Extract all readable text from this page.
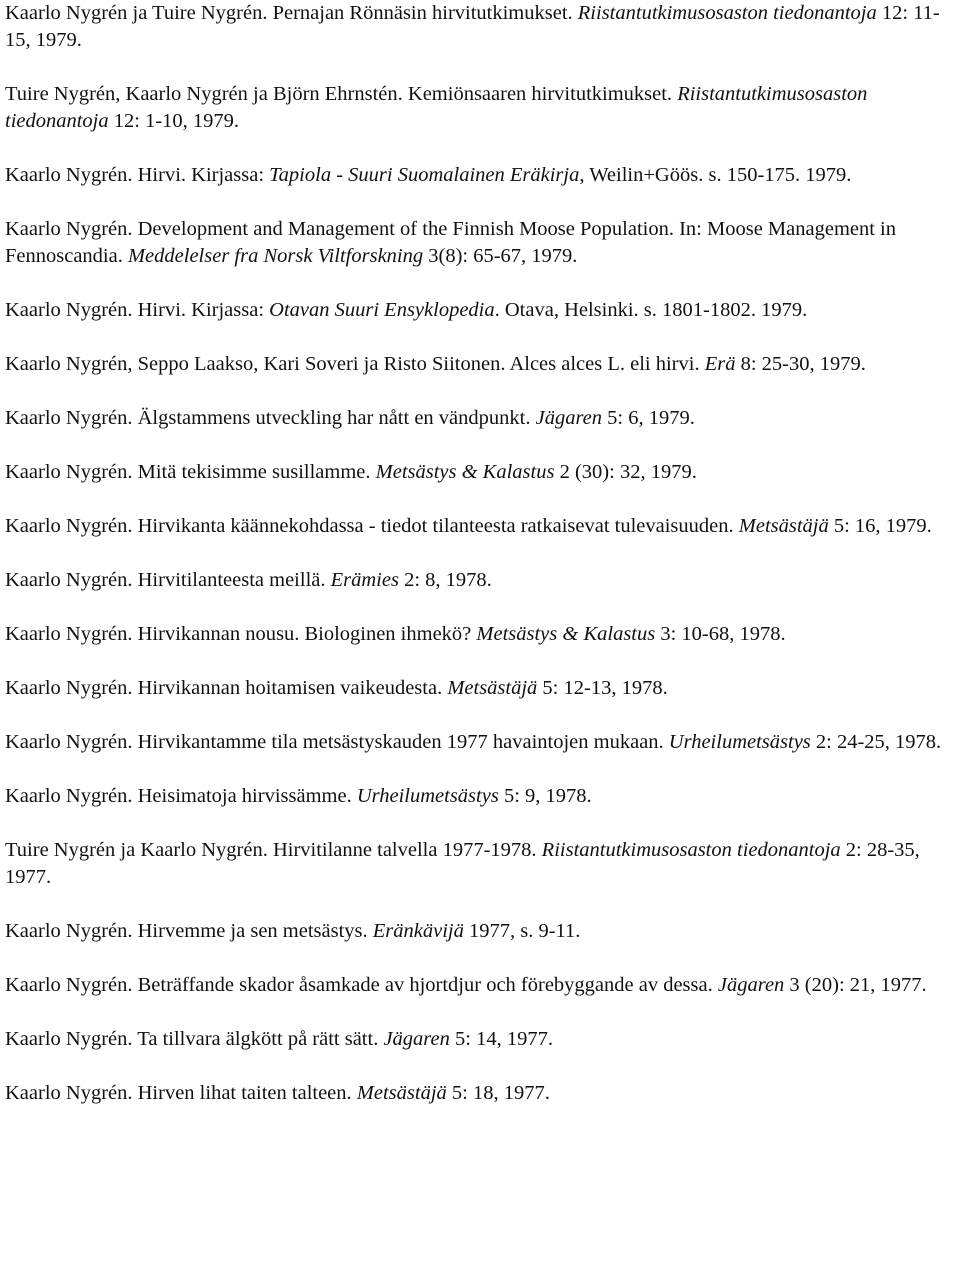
Kaarlo Nygrén ja Tuire Nygrén. Pernajan Rönnäsin hirvitutkimukset. Riistantutkimusosaston tiedonantoja 12: 11-15, 1979.

Tuire Nygrén, Kaarlo Nygrén ja Björn Ehrnstén. Kemiönsaaren hirvitutkimukset. Riistantutkimusosaston tiedonantoja 12: 1-10, 1979.

Kaarlo Nygrén. Hirvi. Kirjassa: Tapiola - Suuri Suomalainen Eräkirja, Weilin+Göös. s. 150-175. 1979.

Kaarlo Nygrén. Development and Management of the Finnish Moose Population. In: Moose Management in Fennoscandia. Meddelelser fra Norsk Viltforskning 3(8): 65-67, 1979.

Kaarlo Nygrén. Hirvi. Kirjassa: Otavan Suuri Ensyklopedia. Otava, Helsinki. s. 1801-1802. 1979.

Kaarlo Nygrén, Seppo Laakso, Kari Soveri ja Risto Siitonen. Alces alces L. eli hirvi. Erä 8: 25-30, 1979.

Kaarlo Nygrén. Älgstammens utveckling har nått en vändpunkt. Jägaren 5: 6, 1979.

Kaarlo Nygrén. Mitä tekisimme susillamme. Metsästys & Kalastus 2 (30): 32, 1979.

Kaarlo Nygrén. Hirvikanta käännekohdassa - tiedot tilanteesta ratkaisevat tulevaisuuden. Metsästäjä 5: 16, 1979.

Kaarlo Nygrén. Hirvitilanteesta meillä. Erämies 2: 8, 1978.

Kaarlo Nygrén. Hirvikannan nousu. Biologinen ihmekö? Metsästys & Kalastus 3: 10-68, 1978.

Kaarlo Nygrén. Hirvikannan hoitamisen vaikeudesta. Metsästäjä 5: 12-13, 1978.

Kaarlo Nygrén. Hirvikantamme tila metsästyskauden 1977 havaintojen mukaan. Urheilumetsästys 2: 24-25, 1978.

Kaarlo Nygrén. Heisimatoja hirvissämme. Urheilumetsästys 5: 9, 1978.

Tuire Nygrén ja Kaarlo Nygrén. Hirvitilanne talvella 1977-1978. Riistantutkimusosaston tiedonantoja 2: 28-35, 1977.

Kaarlo Nygrén. Hirvemme ja sen metsästys. Eränkävijä 1977, s. 9-11.

Kaarlo Nygrén. Beträffande skador åsamkade av hjortdjur och förebyggande av dessa. Jägaren 3 (20): 21, 1977.

Kaarlo Nygrén. Ta tillvara älgkött på rätt sätt. Jägaren 5: 14, 1977.

Kaarlo Nygrén. Hirven lihat taiten talteen. Metsästäjä 5: 18, 1977.
